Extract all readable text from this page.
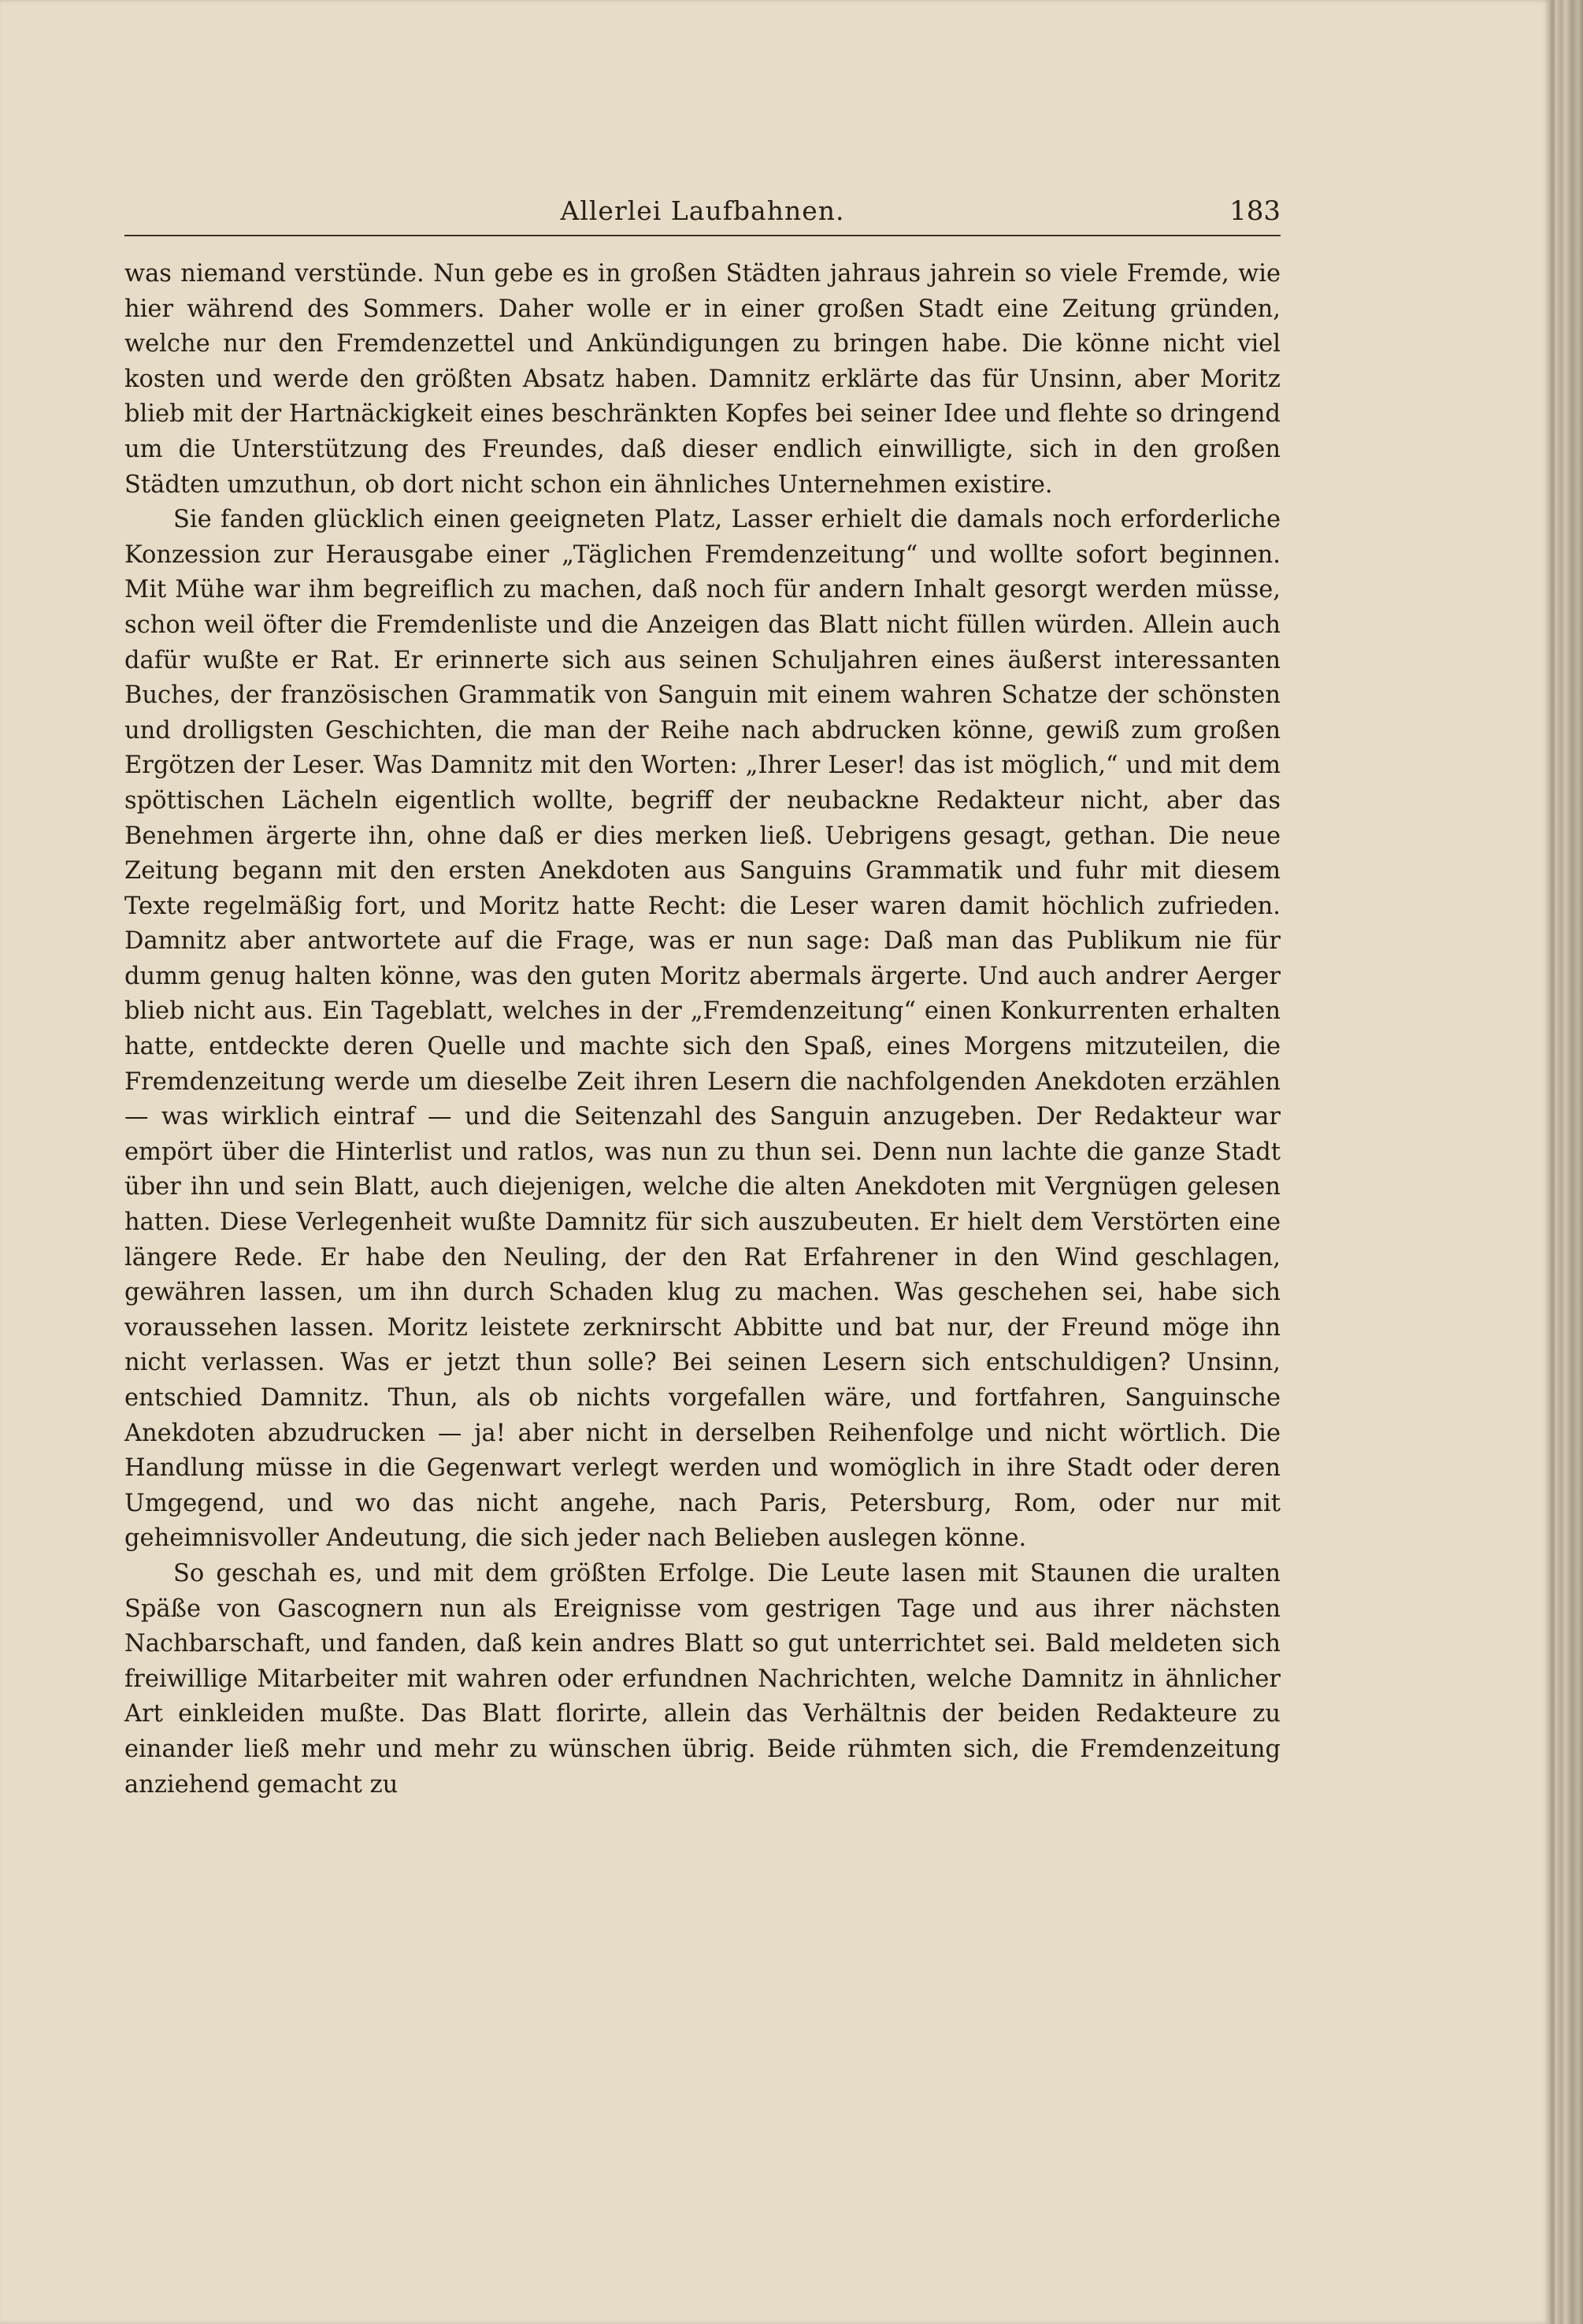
Allerlei Laufbahnen.	183

was niemand verstünde. Nun gebe es in großen Städten jahraus jahrein so viele Fremde, wie hier während des Sommers. Daher wolle er in einer großen Stadt eine Zeitung gründen, welche nur den Fremdenzettel und Ankündigungen zu bringen habe. Die könne nicht viel kosten und werde den größten Absatz haben. Damnitz erklärte das für Unsinn, aber Moritz blieb mit der Hartnäckigkeit eines beschränkten Kopfes bei seiner Idee und flehte so dringend um die Unterstützung des Freundes, daß dieser endlich einwilligte, sich in den großen Städten umzuthun, ob dort nicht schon ein ähnliches Unternehmen existire.

Sie fanden glücklich einen geeigneten Platz, Lasser erhielt die damals noch erforderliche Konzession zur Herausgabe einer „Täglichen Fremdenzeitung“ und wollte sofort beginnen. Mit Mühe war ihm begreiflich zu machen, daß noch für andern Inhalt gesorgt werden müsse, schon weil öfter die Fremdenliste und die Anzeigen das Blatt nicht füllen würden. Allein auch dafür wußte er Rat. Er erinnerte sich aus seinen Schuljahren eines äußerst interessanten Buches, der französischen Grammatik von Sanguin mit einem wahren Schatze der schönsten und drolligsten Geschichten, die man der Reihe nach abdrucken könne, gewiß zum großen Ergötzen der Leser. Was Damnitz mit den Worten: „Ihrer Leser! das ist möglich,“ und mit dem spöttischen Lächeln eigentlich wollte, begriff der neubackne Redakteur nicht, aber das Benehmen ärgerte ihn, ohne daß er dies merken ließ. Uebrigens gesagt, gethan. Die neue Zeitung begann mit den ersten Anekdoten aus Sanguins Grammatik und fuhr mit diesem Texte regelmäßig fort, und Moritz hatte Recht: die Leser waren damit höchlich zufrieden. Damnitz aber antwortete auf die Frage, was er nun sage: Daß man das Publikum nie für dumm genug halten könne, was den guten Moritz abermals ärgerte. Und auch andrer Aerger blieb nicht aus. Ein Tageblatt, welches in der „Fremdenzeitung“ einen Konkurrenten erhalten hatte, entdeckte deren Quelle und machte sich den Spaß, eines Morgens mitzuteilen, die Fremdenzeitung werde um dieselbe Zeit ihren Lesern die nachfolgenden Anekdoten erzählen — was wirklich eintraf — und die Seitenzahl des Sanguin anzugeben. Der Redakteur war empört über die Hinterlist und ratlos, was nun zu thun sei. Denn nun lachte die ganze Stadt über ihn und sein Blatt, auch diejenigen, welche die alten Anekdoten mit Vergnügen gelesen hatten. Diese Verlegenheit wußte Damnitz für sich auszubeuten. Er hielt dem Verstörten eine längere Rede. Er habe den Neuling, der den Rat Erfahrener in den Wind geschlagen, gewähren lassen, um ihn durch Schaden klug zu machen. Was geschehen sei, habe sich voraussehen lassen. Moritz leistete zerknirscht Abbitte und bat nur, der Freund möge ihn nicht verlassen. Was er jetzt thun solle? Bei seinen Lesern sich entschuldigen? Unsinn, entschied Damnitz. Thun, als ob nichts vorgefallen wäre, und fortfahren, Sanguinsche Anekdoten abzudrucken — ja! aber nicht in derselben Reihenfolge und nicht wörtlich. Die Handlung müsse in die Gegenwart verlegt werden und womöglich in ihre Stadt oder deren Umgegend, und wo das nicht angehe, nach Paris, Petersburg, Rom, oder nur mit geheimnisvoller Andeutung, die sich jeder nach Belieben auslegen könne.

So geschah es, und mit dem größten Erfolge. Die Leute lasen mit Staunen die uralten Späße von Gascognern nun als Ereignisse vom gestrigen Tage und aus ihrer nächsten Nachbarschaft, und fanden, daß kein andres Blatt so gut unterrichtet sei. Bald meldeten sich freiwillige Mitarbeiter mit wahren oder erfundnen Nachrichten, welche Damnitz in ähnlicher Art einkleiden mußte. Das Blatt florirte, allein das Verhältnis der beiden Redakteure zu einander ließ mehr und mehr zu wünschen übrig. Beide rühmten sich, die Fremdenzeitung anziehend gemacht zu
